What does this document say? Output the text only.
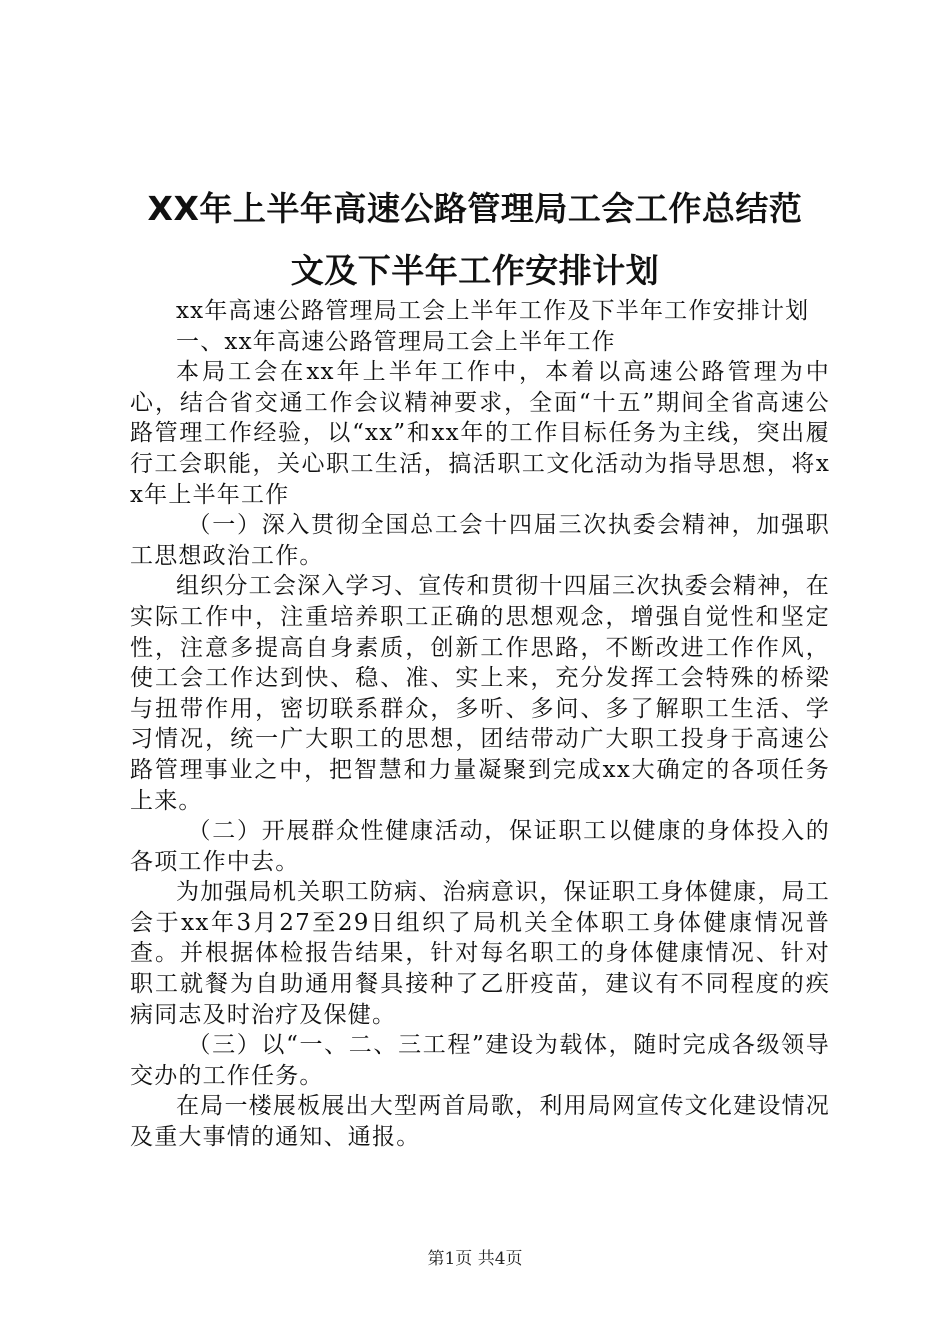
XX年上半年高速公路管理局工会工作总结范
文及下半年工作安排计划

xx年高速公路管理局工会上半年工作及下半年工作安排计划

一、xx年高速公路管理局工会上半年工作

本局工会在xx年上半年工作中，本着以高速公路管理为中心，结合省交通工作会议精神要求，全面“十五”期间全省高速公路管理工作经验，以“xx”和xx年的工作目标任务为主线，突出履行工会职能，关心职工生活，搞活职工文化活动为指导思想，将xx年上半年工作

（一）深入贯彻全国总工会十四届三次执委会精神，加强职工思想政治工作。

组织分工会深入学习、宣传和贯彻十四届三次执委会精神，在实际工作中，注重培养职工正确的思想观念，增强自觉性和坚定性，注意多提高自身素质，创新工作思路，不断改进工作作风，使工会工作达到快、稳、准、实上来，充分发挥工会特殊的桥梁与扭带作用，密切联系群众，多听、多问、多了解职工生活、学习情况，统一广大职工的思想，团结带动广大职工投身于高速公路管理事业之中，把智慧和力量凝聚到完成xx大确定的各项任务上来。

（二）开展群众性健康活动，保证职工以健康的身体投入的各项工作中去。

为加强局机关职工防病、治病意识，保证职工身体健康，局工会于xx年3月27至29日组织了局机关全体职工身体健康情况普查。并根据体检报告结果，针对每名职工的身体健康情况、针对职工就餐为自助通用餐具接种了乙肝疫苗，建议有不同程度的疾病同志及时治疗及保健。

（三）以“一、二、三工程”建设为载体，随时完成各级领导交办的工作任务。

在局一楼展板展出大型两首局歌，利用局网宣传文化建设情况及重大事情的通知、通报。

第1页 共4页
